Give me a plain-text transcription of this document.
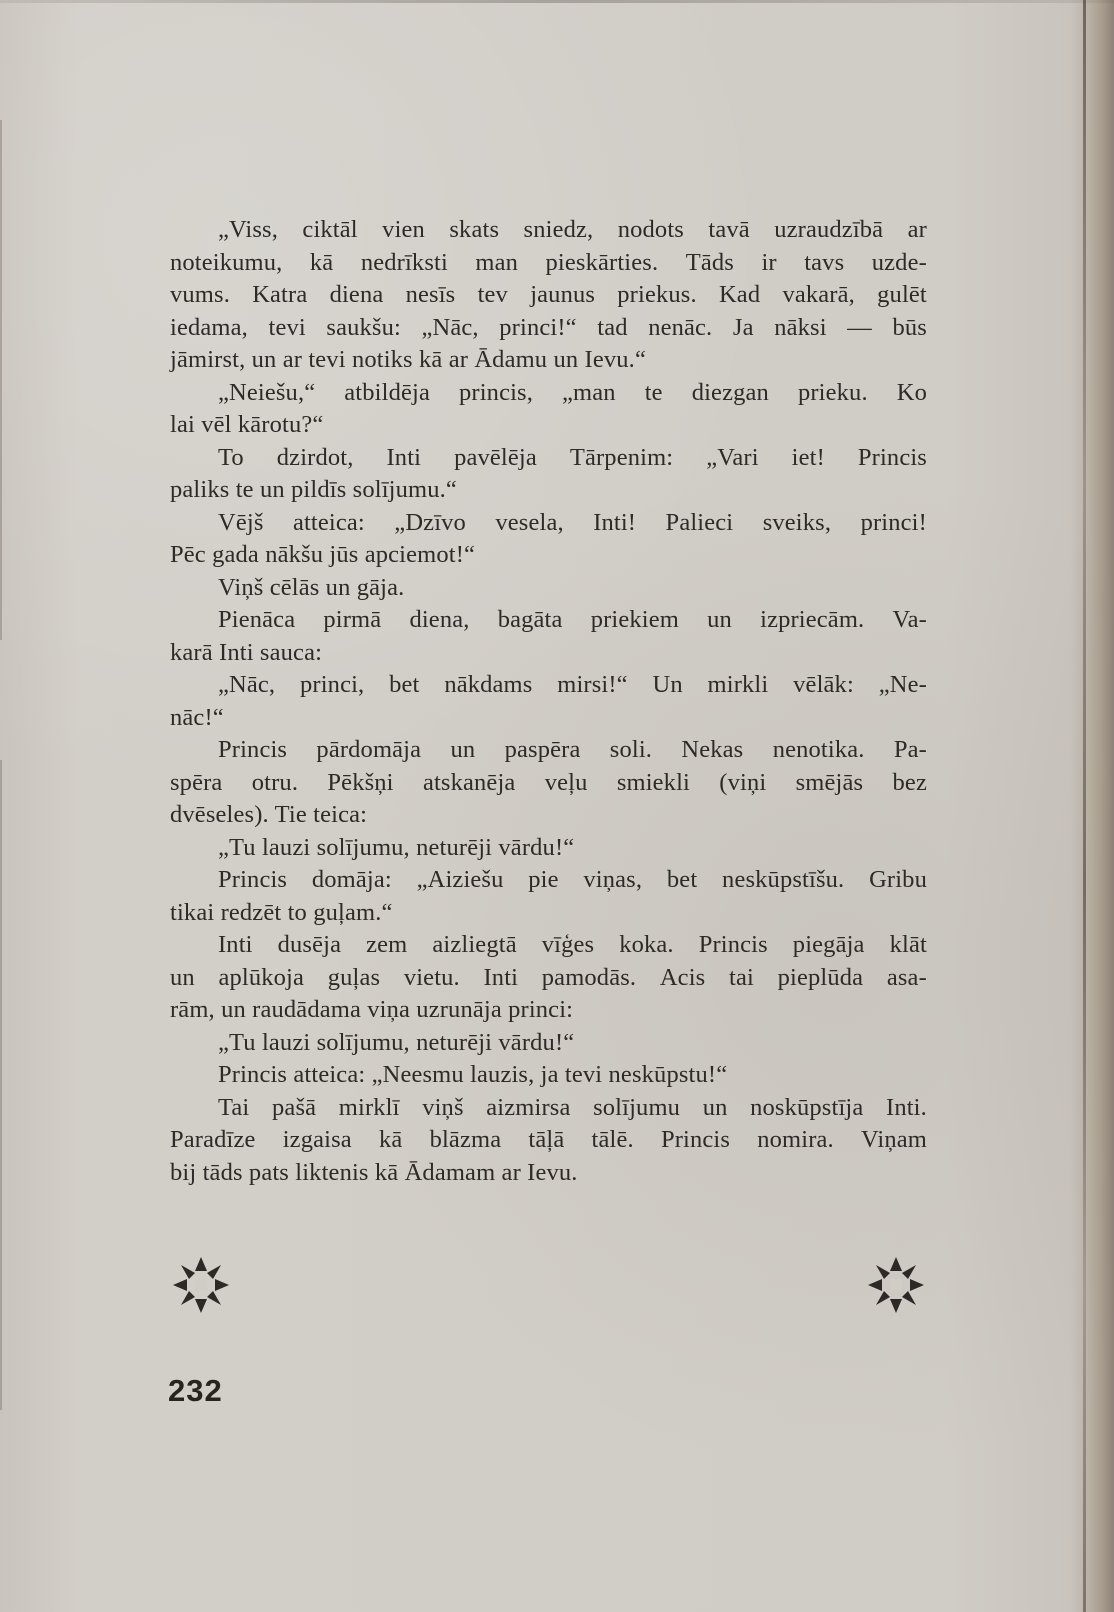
„Viss, ciktāl vien skats sniedz, nodots tavā uzraudzībā ar
noteikumu, kā nedrīksti man pieskārties. Tāds ir tavs uzde-
vums. Katra diena nesīs tev jaunus priekus. Kad vakarā, gulēt
iedama, tevi saukšu: „Nāc, princi!“ tad nenāc. Ja nāksi — būs
jāmirst, un ar tevi notiks kā ar Ādamu un Ievu.“
„Neiešu,“ atbildēja princis, „man te diezgan prieku. Ko
lai vēl kārotu?“
To dzirdot, Inti pavēlēja Tārpenim: „Vari iet! Princis
paliks te un pildīs solījumu.“
Vējš atteica: „Dzīvo vesela, Inti! Palieci sveiks, princi!
Pēc gada nākšu jūs apciemot!“
Viņš cēlās un gāja.
Pienāca pirmā diena, bagāta priekiem un izpriecām. Va-
karā Inti sauca:
„Nāc, princi, bet nākdams mirsi!“ Un mirkli vēlāk: „Ne-
nāc!“
Princis pārdomāja un paspēra soli. Nekas nenotika. Pa-
spēra otru. Pēkšņi atskanēja veļu smiekli (viņi smējās bez
dvēseles). Tie teica:
„Tu lauzi solījumu, neturēji vārdu!“
Princis domāja: „Aiziešu pie viņas, bet neskūpstīšu. Gribu
tikai redzēt to guļam.“
Inti dusēja zem aizliegtā vīģes koka. Princis piegāja klāt
un aplūkoja guļas vietu. Inti pamodās. Acis tai pieplūda asa-
rām, un raudādama viņa uzrunāja princi:
„Tu lauzi solījumu, neturēji vārdu!“
Princis atteica: „Neesmu lauzis, ja tevi neskūpstu!“
Tai pašā mirklī viņš aizmirsa solījumu un noskūpstīja Inti.
Paradīze izgaisa kā blāzma tāļā tālē. Princis nomira. Viņam
bij tāds pats liktenis kā Ādamam ar Ievu.
232
